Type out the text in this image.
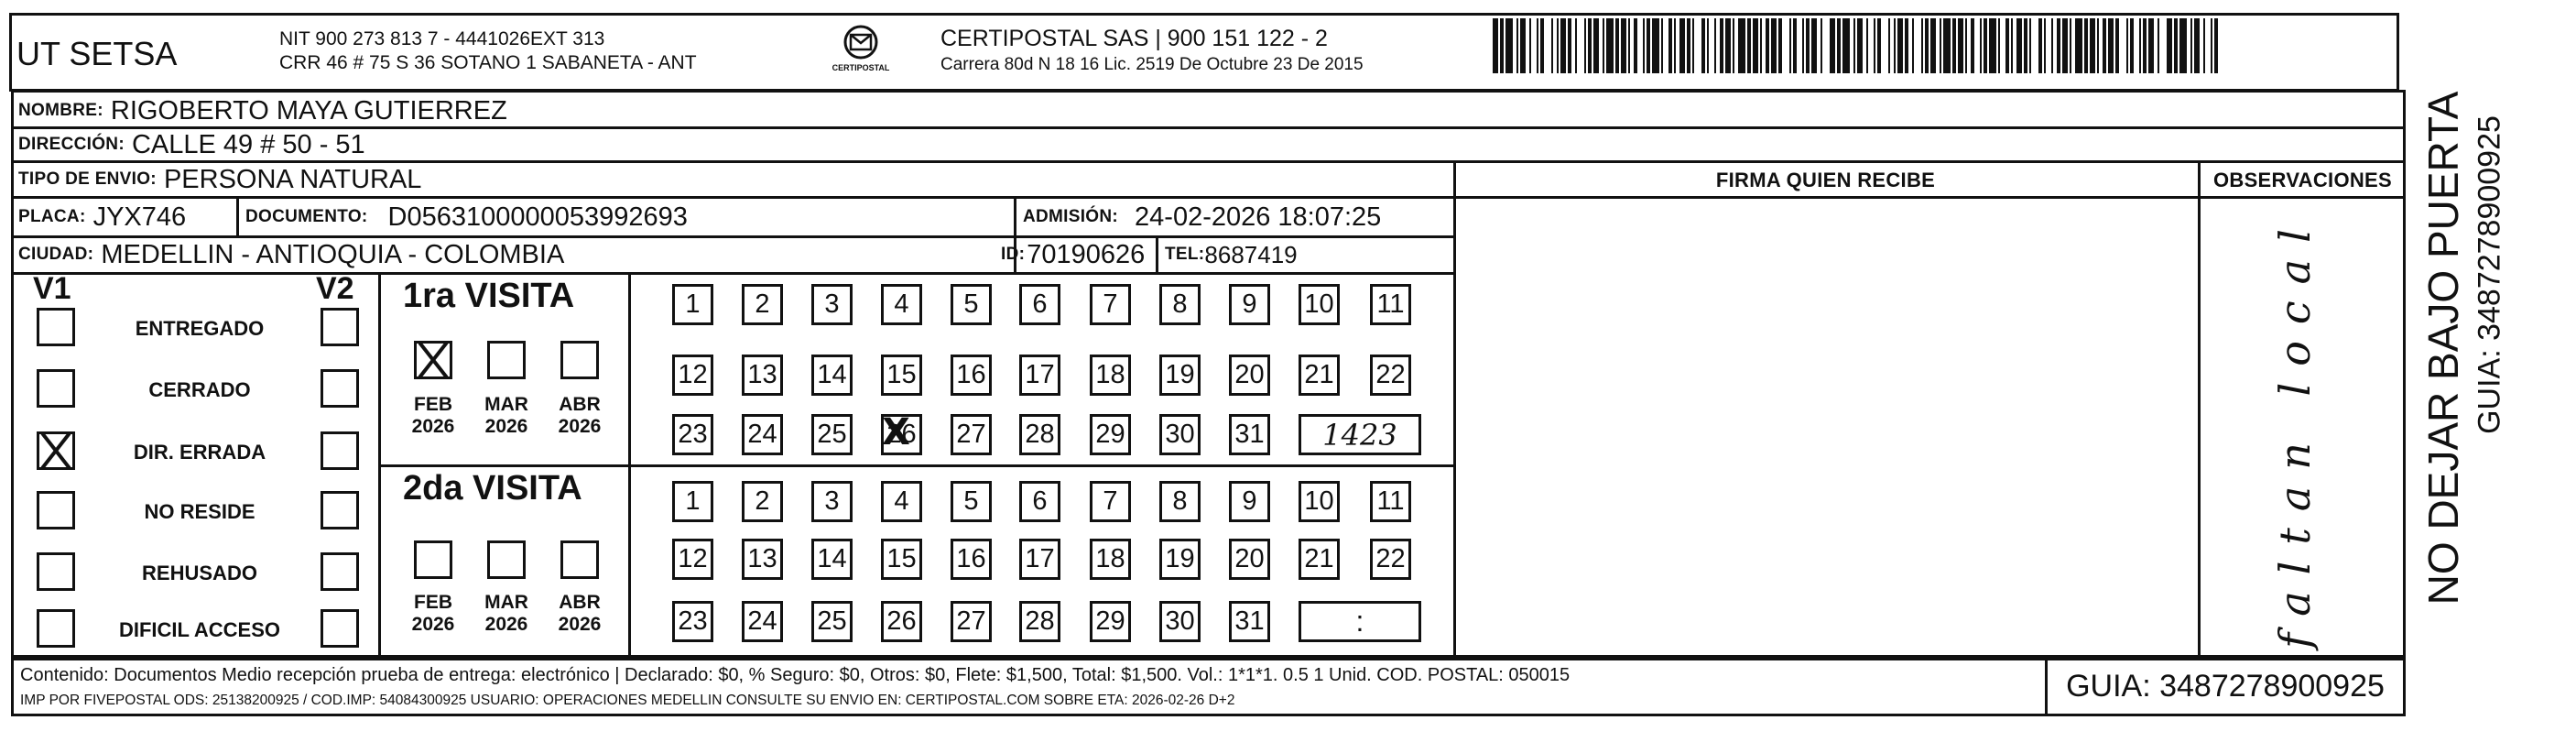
UT SETSA	NIT 900 273 813 7 - 4441026EXT 313
CRR 46 # 75 S 36 SOTANO 1 SABANETA - ANT	CERTIPOSTAL
CERTIPOSTAL SAS | 900 151 122 - 2
Carrera 80d N 18 16 Lic. 2519 De Octubre 23 De 2015
NOMBRE: RIGOBERTO MAYA GUTIERREZ
DIRECCIÓN: CALLE 49 # 50 - 51
TIPO DE ENVIO: PERSONA NATURAL	FIRMA QUIEN RECIBE	OBSERVACIONES
PLACA: JYX746	DOCUMENTO: D0563100000053992693	ADMISIÓN: 24-02-2026 18:07:25
CIUDAD: MEDELLIN - ANTIOQUIA - COLOMBIA	ID: 70190626 TEL: 8687419
V1	V2
ENTREGADO
CERRADO
DIR. ERRADA
NO RESIDE
REHUSADO
DIFICIL ACCESO
1ra VISITA
2da VISITA
FEB
2026
MAR
2026
ABR
2026
1	2	3	4	5	6	7	8	9	10 11
12 13 14 15 16 17 18 19 20 21 22
23 24 25 26 X 27 28 29 30 31	1423
FEB
2026
MAR
2026
ABR
2026
1	2	3	4	5	6	7	8	9	10 11
12 13 14 15 16 17 18 19 20 21 22
23 24 25 26 27 28 29 30 31	:	faltan local NO DEJAR BAJO PUERTA GUIA: 3487278900925
Contenido: Documentos Medio recepción prueba de entrega: electrónico | Declarado: $0, % Seguro: $0, Otros: $0, Flete: $1,500, Total: $1,500. Vol.: 1*1*1. 0.5 1 Unid. COD. POSTAL: 050015
IMP POR FIVEPOSTAL ODS: 25138200925 / COD.IMP: 54084300925 USUARIO: OPERACIONES MEDELLIN CONSULTE SU ENVIO EN: CERTIPOSTAL.COM SOBRE ETA: 2026-02-26 D+2	GUIA: 3487278900925
